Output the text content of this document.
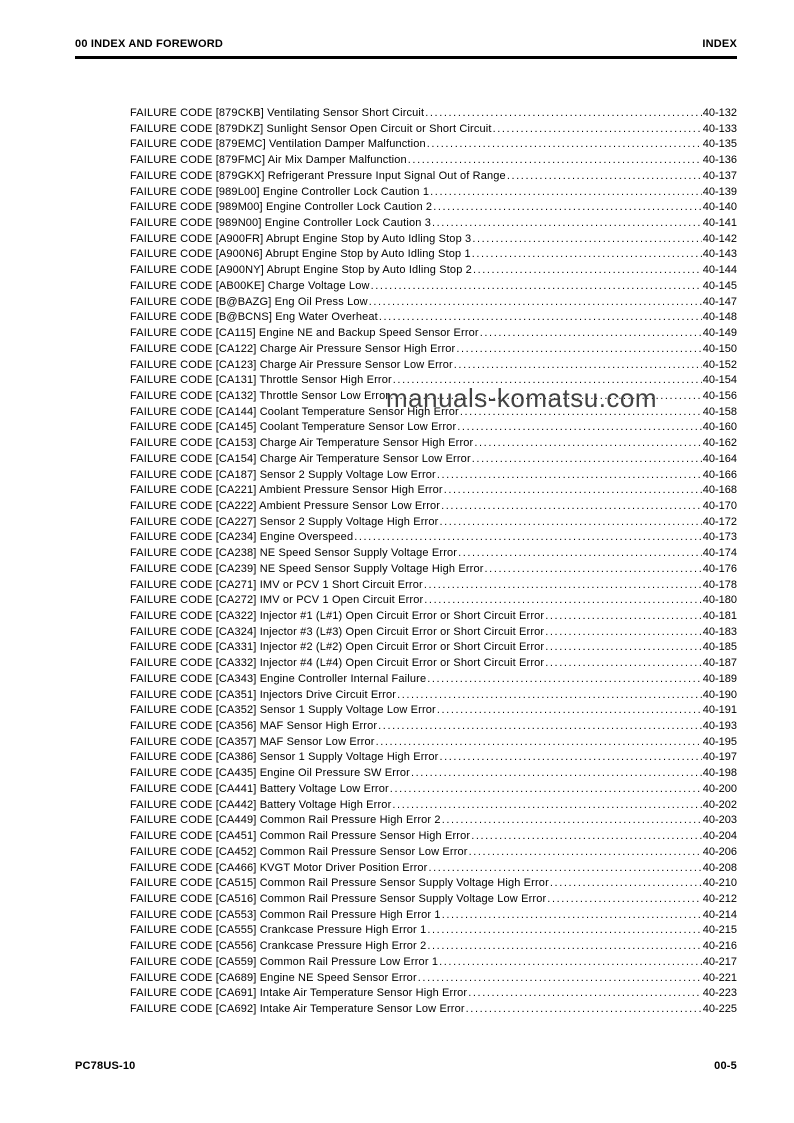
00 INDEX AND FOREWORD	INDEX
FAILURE CODE [879CKB] Ventilating Sensor Short Circuit .....	40-132
FAILURE CODE [879DKZ] Sunlight Sensor Open Circuit or Short Circuit .....	40-133
FAILURE CODE [879EMC] Ventilation Damper Malfunction .....	40-135
FAILURE CODE [879FMC] Air Mix Damper Malfunction .....	40-136
FAILURE CODE [879GKX] Refrigerant Pressure Input Signal Out of Range .....	40-137
FAILURE CODE [989L00] Engine Controller Lock Caution 1 .....	40-139
FAILURE CODE [989M00] Engine Controller Lock Caution 2 .....	40-140
FAILURE CODE [989N00] Engine Controller Lock Caution 3 .....	40-141
FAILURE CODE [A900FR] Abrupt Engine Stop by Auto Idling Stop 3 .....	40-142
FAILURE CODE [A900N6] Abrupt Engine Stop by Auto Idling Stop 1 .....	40-143
FAILURE CODE [A900NY] Abrupt Engine Stop by Auto Idling Stop 2 .....	40-144
FAILURE CODE [AB00KE] Charge Voltage Low .....	40-145
FAILURE CODE [B@BAZG] Eng Oil Press Low .....	40-147
FAILURE CODE [B@BCNS] Eng Water Overheat .....	40-148
FAILURE CODE [CA115] Engine NE and Backup Speed Sensor Error .....	40-149
FAILURE CODE [CA122] Charge Air Pressure Sensor High Error .....	40-150
FAILURE CODE [CA123] Charge Air Pressure Sensor Low Error .....	40-152
FAILURE CODE [CA131] Throttle Sensor High Error .....	40-154
FAILURE CODE [CA132] Throttle Sensor Low Error .....	40-156
FAILURE CODE [CA144] Coolant Temperature Sensor High Error .....	40-158
FAILURE CODE [CA145] Coolant Temperature Sensor Low Error .....	40-160
FAILURE CODE [CA153] Charge Air Temperature Sensor High Error .....	40-162
FAILURE CODE [CA154] Charge Air Temperature Sensor Low Error .....	40-164
FAILURE CODE [CA187] Sensor 2 Supply Voltage Low Error .....	40-166
FAILURE CODE [CA221] Ambient Pressure Sensor High Error .....	40-168
FAILURE CODE [CA222] Ambient Pressure Sensor Low Error .....	40-170
FAILURE CODE [CA227] Sensor 2 Supply Voltage High Error .....	40-172
FAILURE CODE [CA234] Engine Overspeed .....	40-173
FAILURE CODE [CA238] NE Speed Sensor Supply Voltage Error .....	40-174
FAILURE CODE [CA239] NE Speed Sensor Supply Voltage High Error .....	40-176
FAILURE CODE [CA271] IMV or PCV 1 Short Circuit Error .....	40-178
FAILURE CODE [CA272] IMV or PCV 1 Open Circuit Error .....	40-180
FAILURE CODE [CA322] Injector #1 (L#1) Open Circuit Error or Short Circuit Error .....	40-181
FAILURE CODE [CA324] Injector #3 (L#3) Open Circuit Error or Short Circuit Error .....	40-183
FAILURE CODE [CA331] Injector #2 (L#2) Open Circuit Error or Short Circuit Error .....	40-185
FAILURE CODE [CA332] Injector #4 (L#4) Open Circuit Error or Short Circuit Error .....	40-187
FAILURE CODE [CA343] Engine Controller Internal Failure .....	40-189
FAILURE CODE [CA351] Injectors Drive Circuit Error .....	40-190
FAILURE CODE [CA352] Sensor 1 Supply Voltage Low Error .....	40-191
FAILURE CODE [CA356] MAF Sensor High Error .....	40-193
FAILURE CODE [CA357] MAF Sensor Low Error .....	40-195
FAILURE CODE [CA386] Sensor 1 Supply Voltage High Error .....	40-197
FAILURE CODE [CA435] Engine Oil Pressure SW Error .....	40-198
FAILURE CODE [CA441] Battery Voltage Low Error .....	40-200
FAILURE CODE [CA442] Battery Voltage High Error .....	40-202
FAILURE CODE [CA449] Common Rail Pressure High Error 2 .....	40-203
FAILURE CODE [CA451] Common Rail Pressure Sensor High Error .....	40-204
FAILURE CODE [CA452] Common Rail Pressure Sensor Low Error .....	40-206
FAILURE CODE [CA466] KVGT Motor Driver Position Error .....	40-208
FAILURE CODE [CA515] Common Rail Pressure Sensor Supply Voltage High Error .....	40-210
FAILURE CODE [CA516] Common Rail Pressure Sensor Supply Voltage Low Error .....	40-212
FAILURE CODE [CA553] Common Rail Pressure High Error 1 .....	40-214
FAILURE CODE [CA555] Crankcase Pressure High Error 1 .....	40-215
FAILURE CODE [CA556] Crankcase Pressure High Error 2 .....	40-216
FAILURE CODE [CA559] Common Rail Pressure Low Error 1 .....	40-217
FAILURE CODE [CA689] Engine NE Speed Sensor Error .....	40-221
FAILURE CODE [CA691] Intake Air Temperature Sensor High Error .....	40-223
FAILURE CODE [CA692] Intake Air Temperature Sensor Low Error .....	40-225
manuals-komatsu.com
PC78US-10	00-5
